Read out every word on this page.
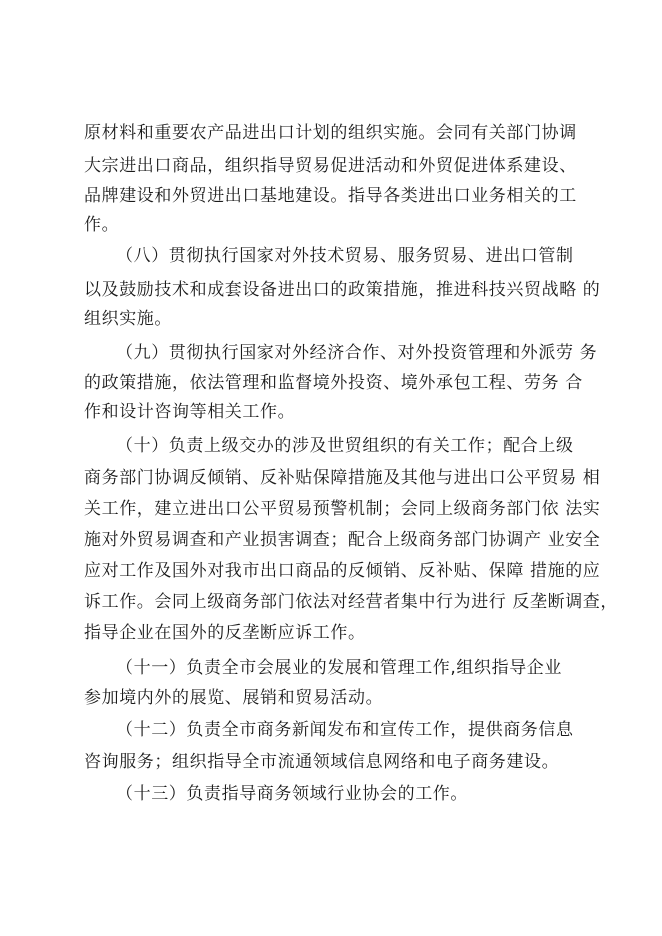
原材料和重要农产品进出口计划的组织实施。会同有关部门协调
大宗进出口商品，组织指导贸易促进活动和外贸促进体系建设、
品牌建设和外贸进出口基地建设。指导各类进出口业务相关的工
作。
（八）贯彻执行国家对外技术贸易、服务贸易、进出口管制
以及鼓励技术和成套设备进出口的政策措施，推进科技兴贸战略 的
组织实施。
（九）贯彻执行国家对外经济合作、对外投资管理和外派劳 务
的政策措施，依法管理和监督境外投资、境外承包工程、劳务 合
作和设计咨询等相关工作。
（十）负责上级交办的涉及世贸组织的有关工作；配合上级
商务部门协调反倾销、反补贴保障措施及其他与进出口公平贸易 相
关工作，建立进出口公平贸易预警机制；会同上级商务部门依 法实
施对外贸易调查和产业损害调查；配合上级商务部门协调产 业安全
应对工作及国外对我市出口商品的反倾销、反补贴、保障 措施的应
诉工作。会同上级商务部门依法对经营者集中行为进行 反垄断调查，
指导企业在国外的反垄断应诉工作。
（十一）负责全市会展业的发展和管理工作,组织指导企业
参加境内外的展览、展销和贸易活动。
（十二）负责全市商务新闻发布和宣传工作，提供商务信息
咨询服务；组织指导全市流通领域信息网络和电子商务建设。
（十三）负责指导商务领域行业协会的工作。
